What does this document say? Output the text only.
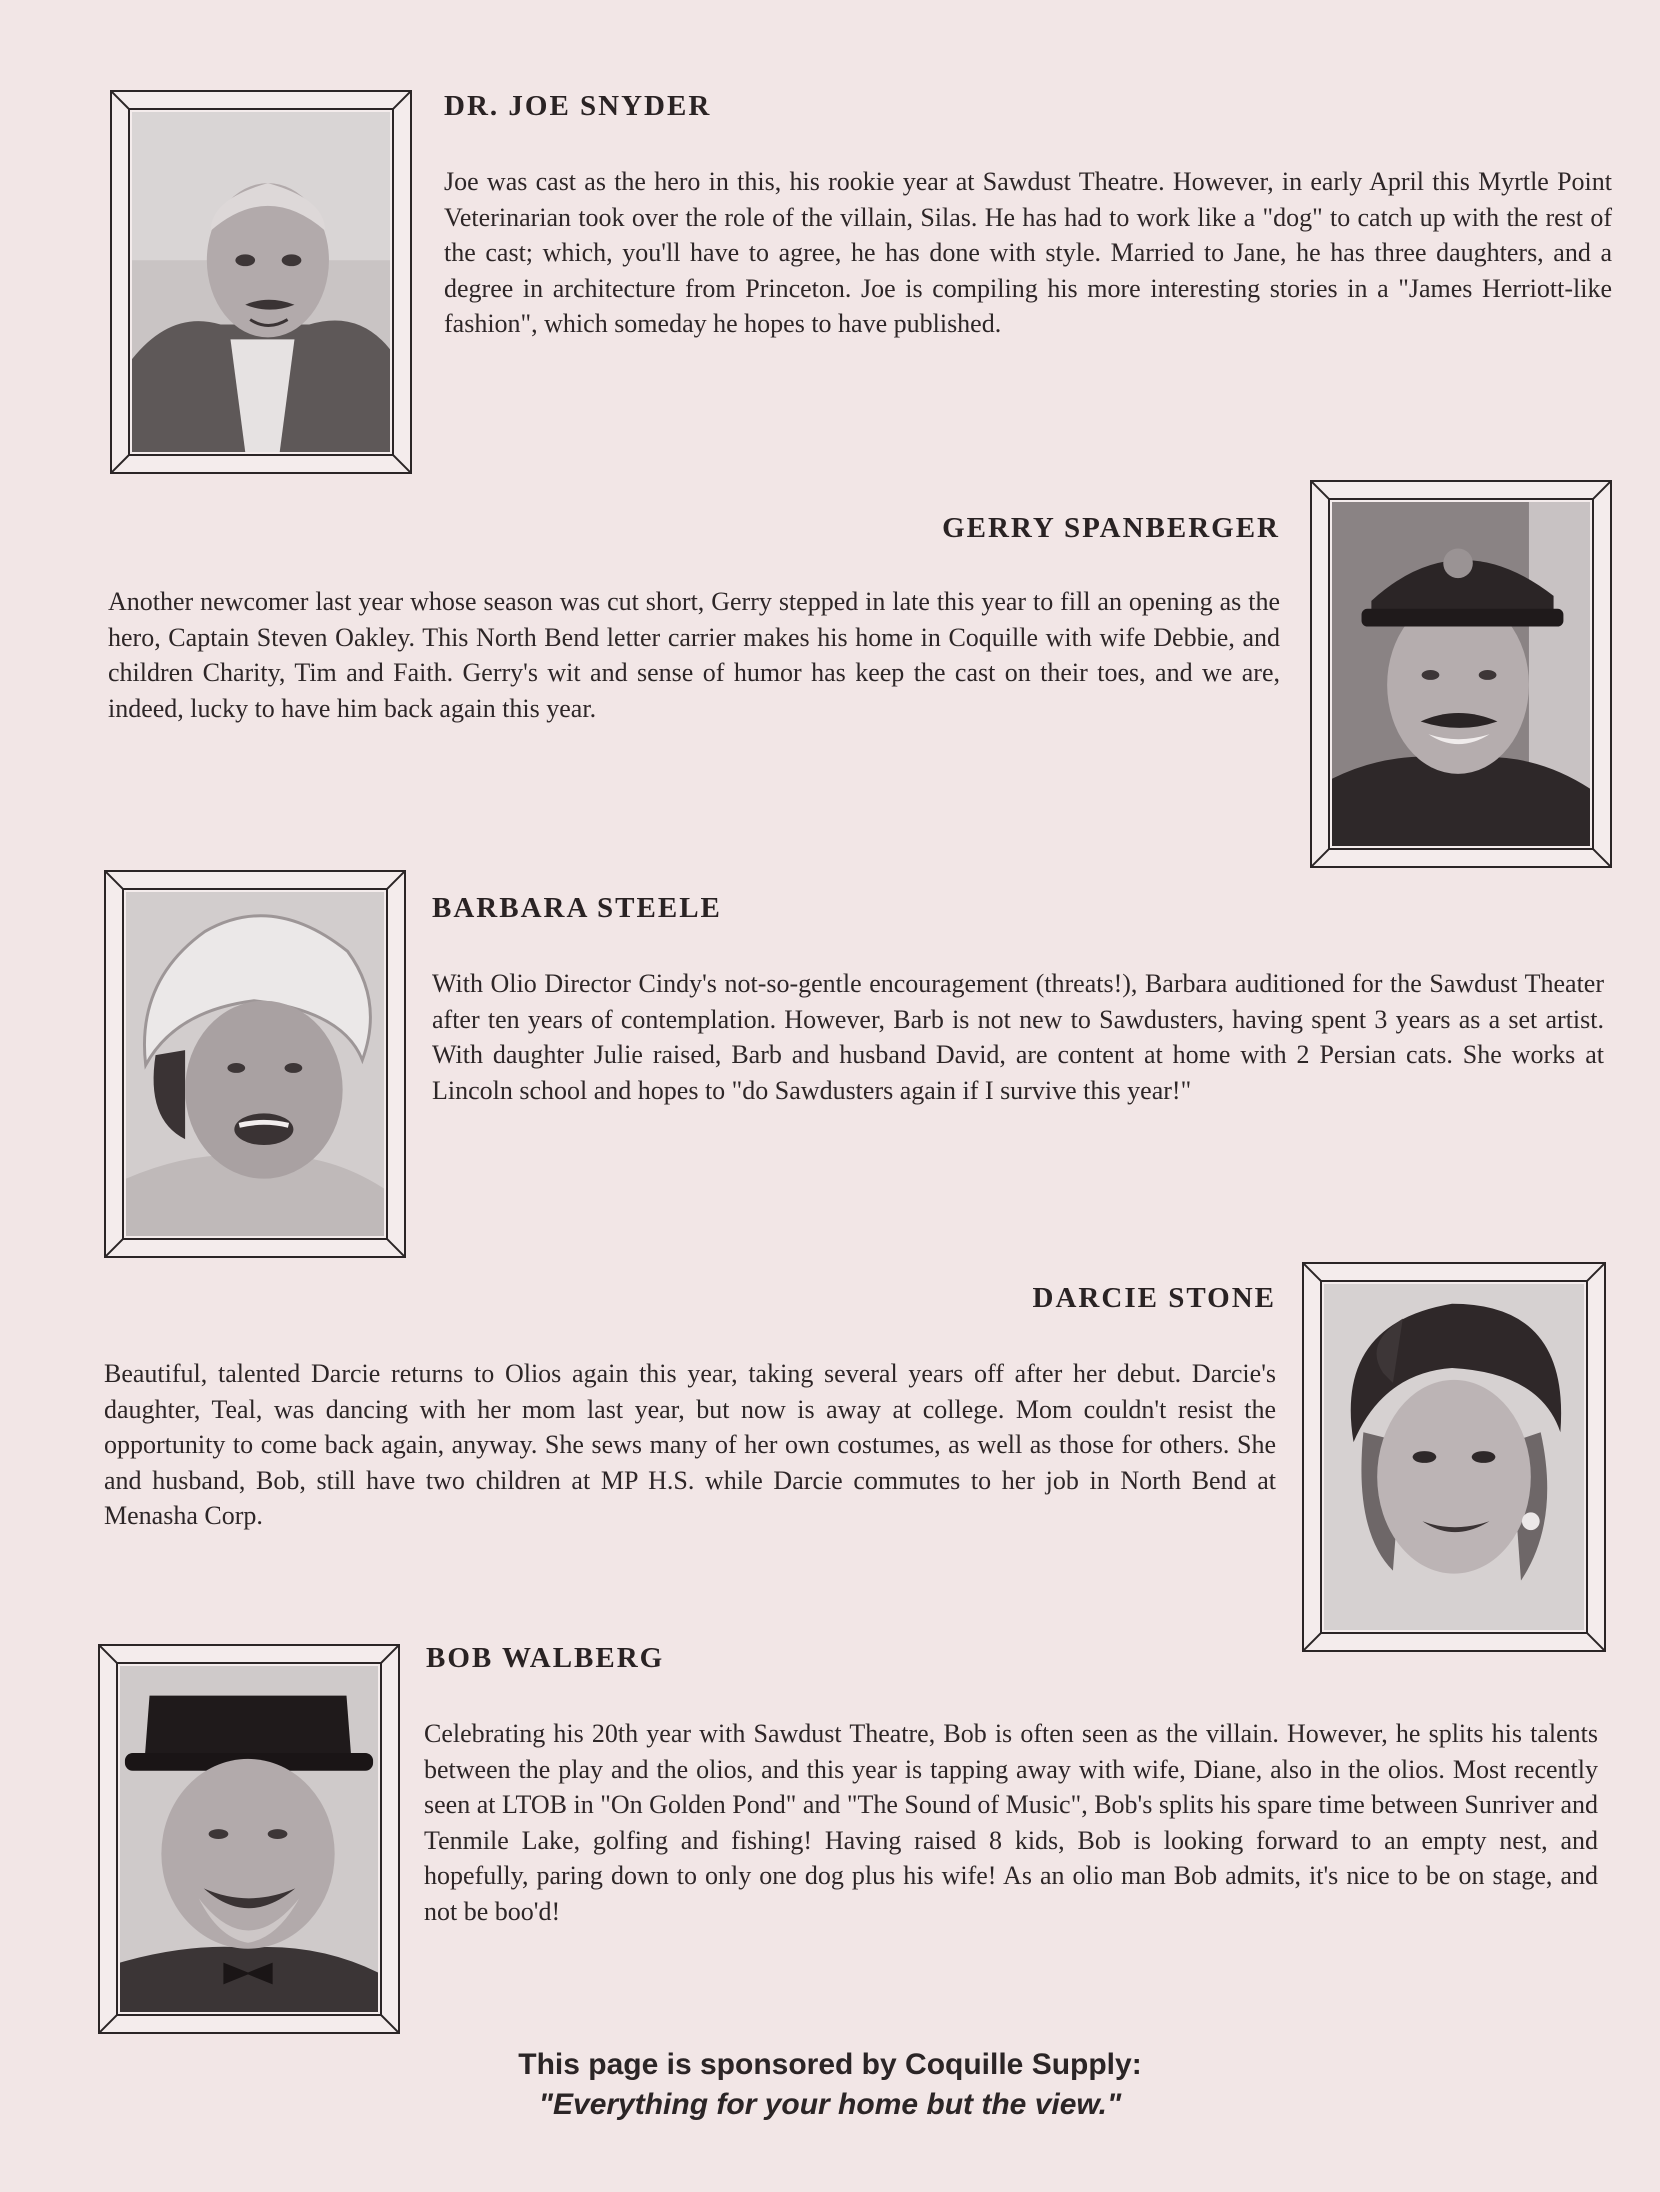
DR. JOE SNYDER

Joe was cast as the hero in this, his rookie year at Sawdust Theatre. However, in early April this Myrtle Point Veterinarian took over the role of the villain, Silas. He has had to work like a "dog" to catch up with the rest of the cast; which, you'll have to agree, he has done with style. Married to Jane, he has three daughters, and a degree in architecture from Princeton. Joe is compiling his more interesting stories in a "James Herriott-like fashion", which someday he hopes to have published.

GERRY SPANBERGER

Another newcomer last year whose season was cut short, Gerry stepped in late this year to fill an opening as the hero, Captain Steven Oakley. This North Bend letter carrier makes his home in Coquille with wife Debbie, and children Charity, Tim and Faith. Gerry's wit and sense of humor has keep the cast on their toes, and we are, indeed, lucky to have him back again this year.

BARBARA STEELE

With Olio Director Cindy's not-so-gentle encouragement (threats!), Barbara auditioned for the Sawdust Theater after ten years of contemplation. However, Barb is not new to Sawdusters, having spent 3 years as a set artist. With daughter Julie raised, Barb and husband David, are content at home with 2 Persian cats. She works at Lincoln school and hopes to "do Sawdusters again if I survive this year!"

DARCIE STONE

Beautiful, talented Darcie returns to Olios again this year, taking several years off after her debut. Darcie's daughter, Teal, was dancing with her mom last year, but now is away at college. Mom couldn't resist the opportunity to come back again, anyway. She sews many of her own costumes, as well as those for others. She and husband, Bob, still have two children at MP H.S. while Darcie commutes to her job in North Bend at Menasha Corp.

BOB WALBERG

Celebrating his 20th year with Sawdust Theatre, Bob is often seen as the villain. However, he splits his talents between the play and the olios, and this year is tapping away with wife, Diane, also in the olios. Most recently seen at LTOB in "On Golden Pond" and "The Sound of Music", Bob's splits his spare time between Sunriver and Tenmile Lake, golfing and fishing! Having raised 8 kids, Bob is looking forward to an empty nest, and hopefully, paring down to only one dog plus his wife! As an olio man Bob admits, it's nice to be on stage, and not be boo'd!

This page is sponsored by Coquille Supply:

"Everything for your home but the view."
